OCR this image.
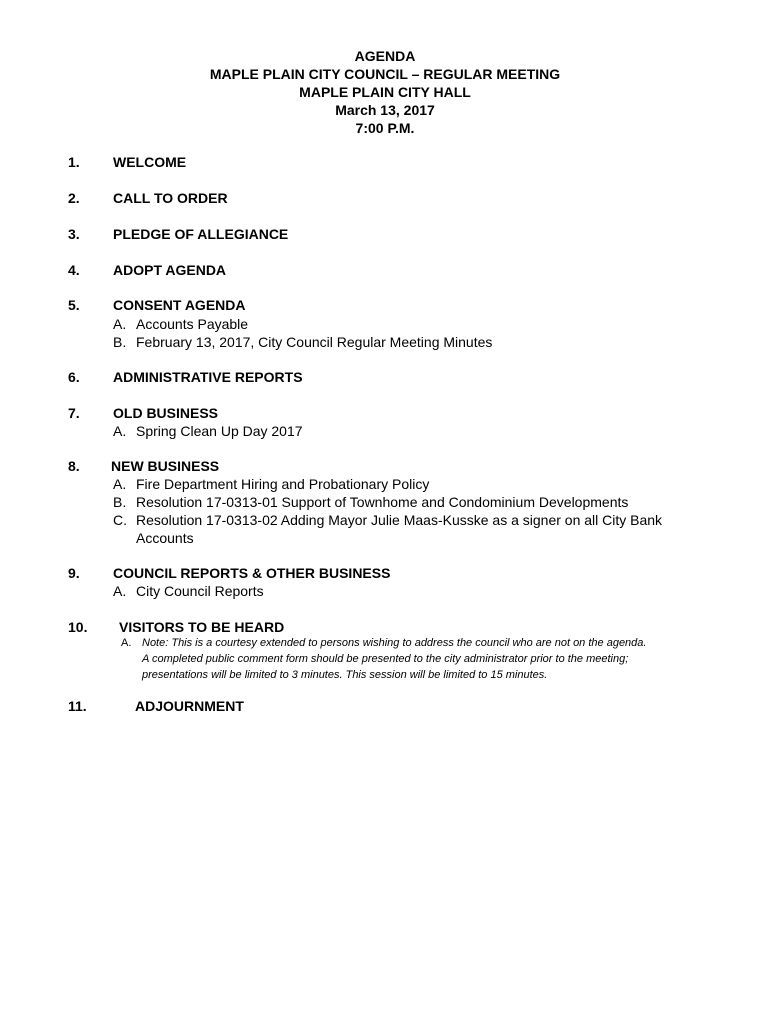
AGENDA
MAPLE PLAIN CITY COUNCIL – REGULAR MEETING
MAPLE PLAIN CITY HALL
March 13, 2017
7:00 P.M.
1. WELCOME
2. CALL TO ORDER
3. PLEDGE OF ALLEGIANCE
4. ADOPT AGENDA
5. CONSENT AGENDA
A. Accounts Payable
B. February 13, 2017, City Council Regular Meeting Minutes
6. ADMINISTRATIVE REPORTS
7. OLD BUSINESS
A. Spring Clean Up Day 2017
8. NEW BUSINESS
A. Fire Department Hiring and Probationary Policy
B. Resolution 17-0313-01 Support of Townhome and Condominium Developments
C. Resolution 17-0313-02 Adding Mayor Julie Maas-Kusske as a signer on all City Bank
Accounts
9. COUNCIL REPORTS & OTHER BUSINESS
A. City Council Reports
10. VISITORS TO BE HEARD
A. Note: This is a courtesy extended to persons wishing to address the council who are not on the agenda.
A completed public comment form should be presented to the city administrator prior to the meeting;
presentations will be limited to 3 minutes. This session will be limited to 15 minutes.
11.	ADJOURNMENT
